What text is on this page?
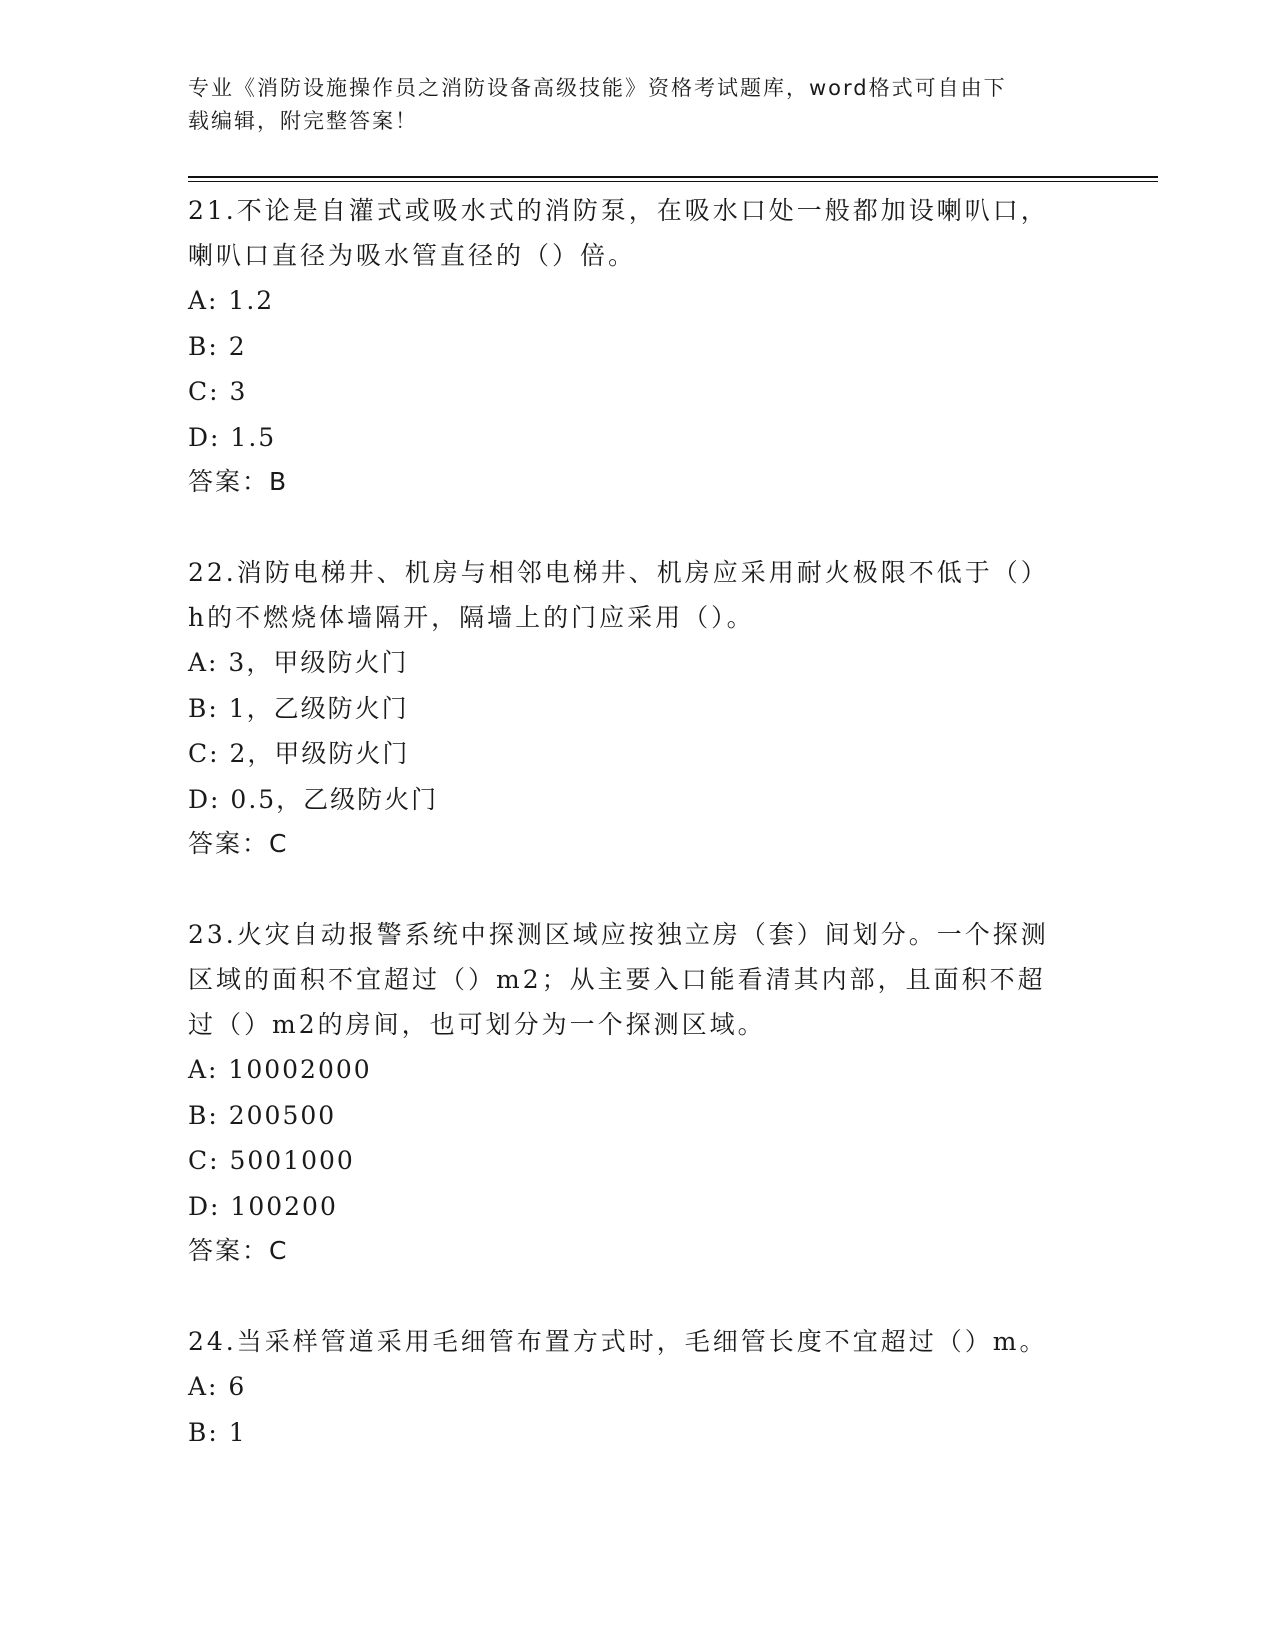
专业《消防设施操作员之消防设备高级技能》资格考试题库，word格式可自由下
载编辑，附完整答案！
21.不论是自灌式或吸水式的消防泵，在吸水口处一般都加设喇叭口，
喇叭口直径为吸水管直径的（）倍。
A: 1.2
B: 2
C: 3
D: 1.5
答案：B
22.消防电梯井、机房与相邻电梯井、机房应采用耐火极限不低于（）
h的不燃烧体墙隔开，隔墙上的门应采用（）。
A: 3，甲级防火门
B: 1，乙级防火门
C: 2，甲级防火门
D: 0.5，乙级防火门
答案：C
23.火灾自动报警系统中探测区域应按独立房（套）间划分。一个探测
区域的面积不宜超过（）m2；从主要入口能看清其内部，且面积不超
过（）m2的房间，也可划分为一个探测区域。
A: 10002000
B: 200500
C: 5001000
D: 100200
答案：C
24.当采样管道采用毛细管布置方式时，毛细管长度不宜超过（）m。
A: 6
B: 1
